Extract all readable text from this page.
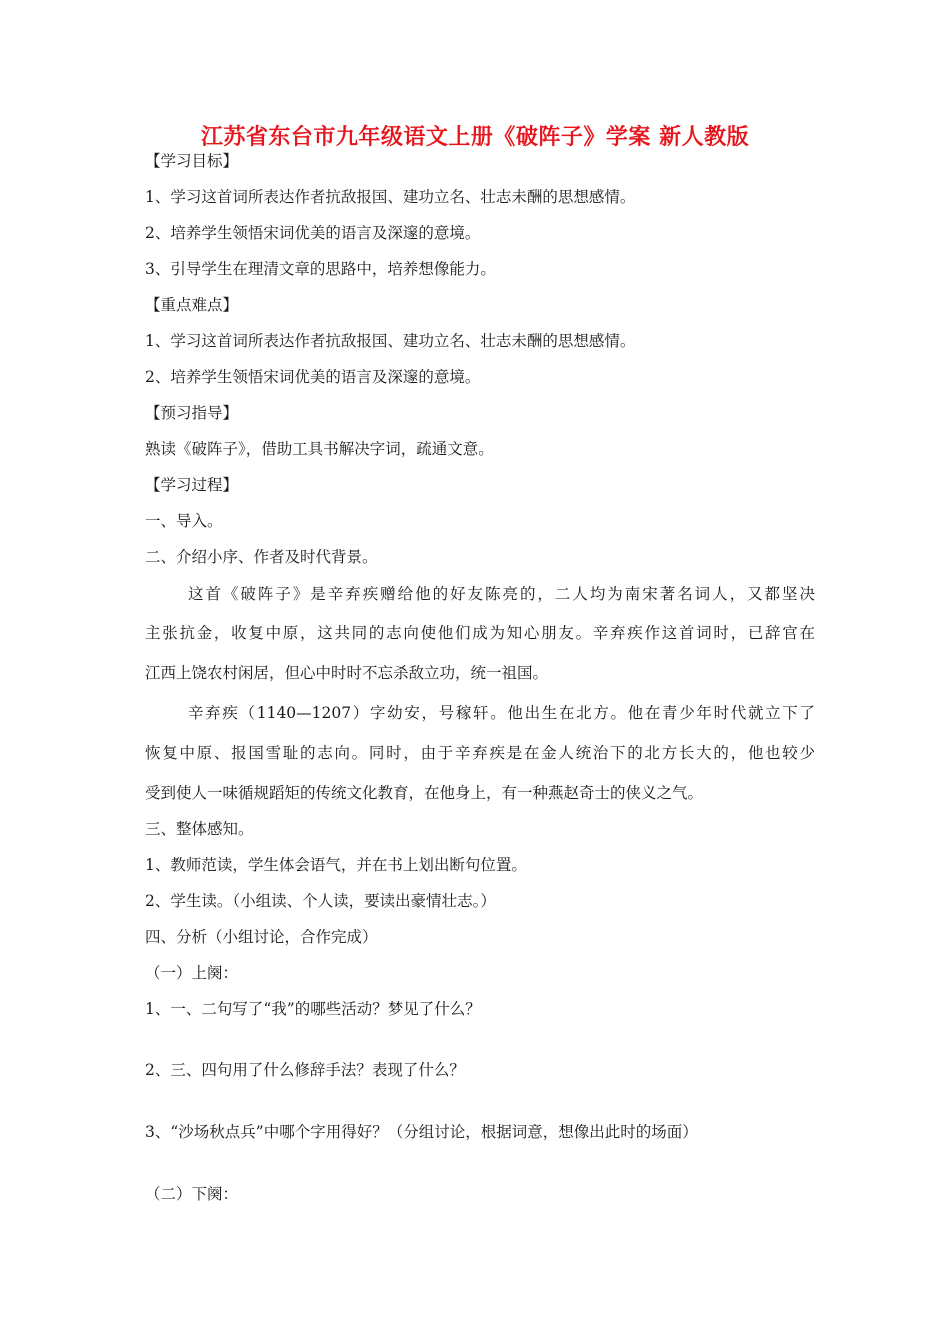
江苏省东台市九年级语文上册《破阵子》学案 新人教版
【学习目标】
1、学习这首词所表达作者抗敌报国、建功立名、壮志未酬的思想感情。
2、培养学生领悟宋词优美的语言及深邃的意境。
3、引导学生在理清文章的思路中，培养想像能力。
【重点难点】
1、学习这首词所表达作者抗敌报国、建功立名、壮志未酬的思想感情。
2、培养学生领悟宋词优美的语言及深邃的意境。
【预习指导】
熟读《破阵子》，借助工具书解决字词，疏通文意。
【学习过程】
一、导入。
二、介绍小序、作者及时代背景。
这首《破阵子》是辛弃疾赠给他的好友陈亮的，二人均为南宋著名词人，又都坚决
主张抗金，收复中原，这共同的志向使他们成为知心朋友。辛弃疾作这首词时，已辞官在
江西上饶农村闲居，但心中时时不忘杀敌立功，统一祖国。
辛弃疾（1140—1207）字幼安，号稼轩。他出生在北方。他在青少年时代就立下了
恢复中原、报国雪耻的志向。同时，由于辛弃疾是在金人统治下的北方长大的，他也较少
受到使人一味循规蹈矩的传统文化教育，在他身上，有一种燕赵奇士的侠义之气。
三、整体感知。
1、教师范读，学生体会语气，并在书上划出断句位置。
2、学生读。（小组读、个人读，要读出豪情壮志。）
四、分析（小组讨论，合作完成）
（一）上阕：
1、一、二句写了“我”的哪些活动？梦见了什么？
2、三、四句用了什么修辞手法？表现了什么？
3、“沙场秋点兵”中哪个字用得好？（分组讨论，根据词意，想像出此时的场面）
（二）下阕：
